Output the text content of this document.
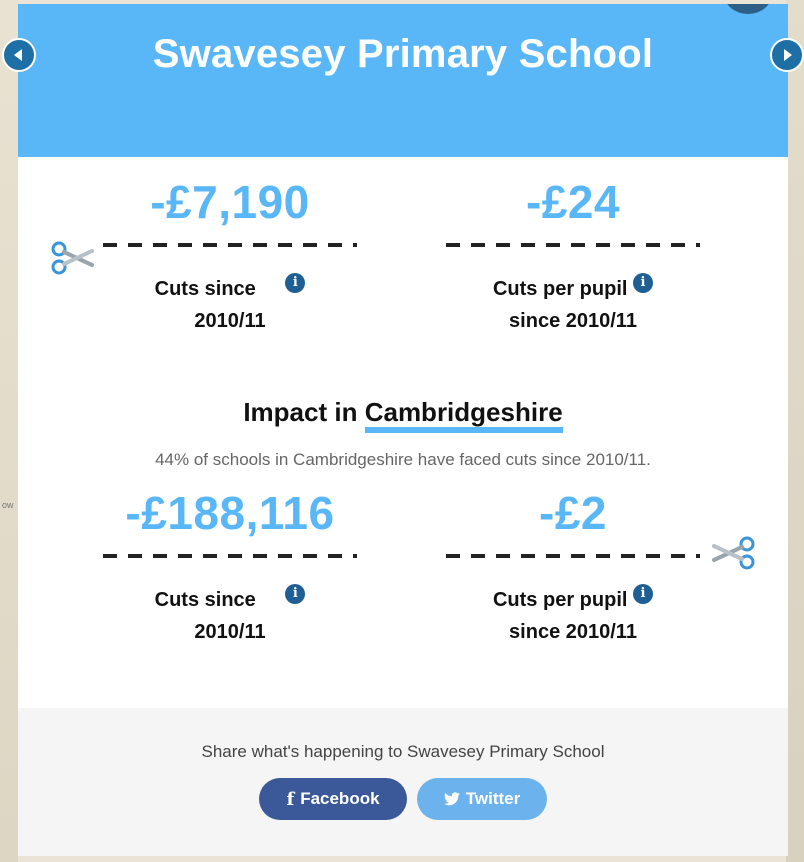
ow
Swavesey Primary School
-£7,190
Cuts since	i
2010/11
-£24
Cuts per pupil i
since 2010/11
Impact in Cambridgeshire
44% of schools in Cambridgeshire have faced cuts since 2010/11.
-£188,116
Cuts since	i
2010/11
-£2
Cuts per pupil i
since 2010/11
Share what's happening to Swavesey Primary School
f Facebook	Twitter
